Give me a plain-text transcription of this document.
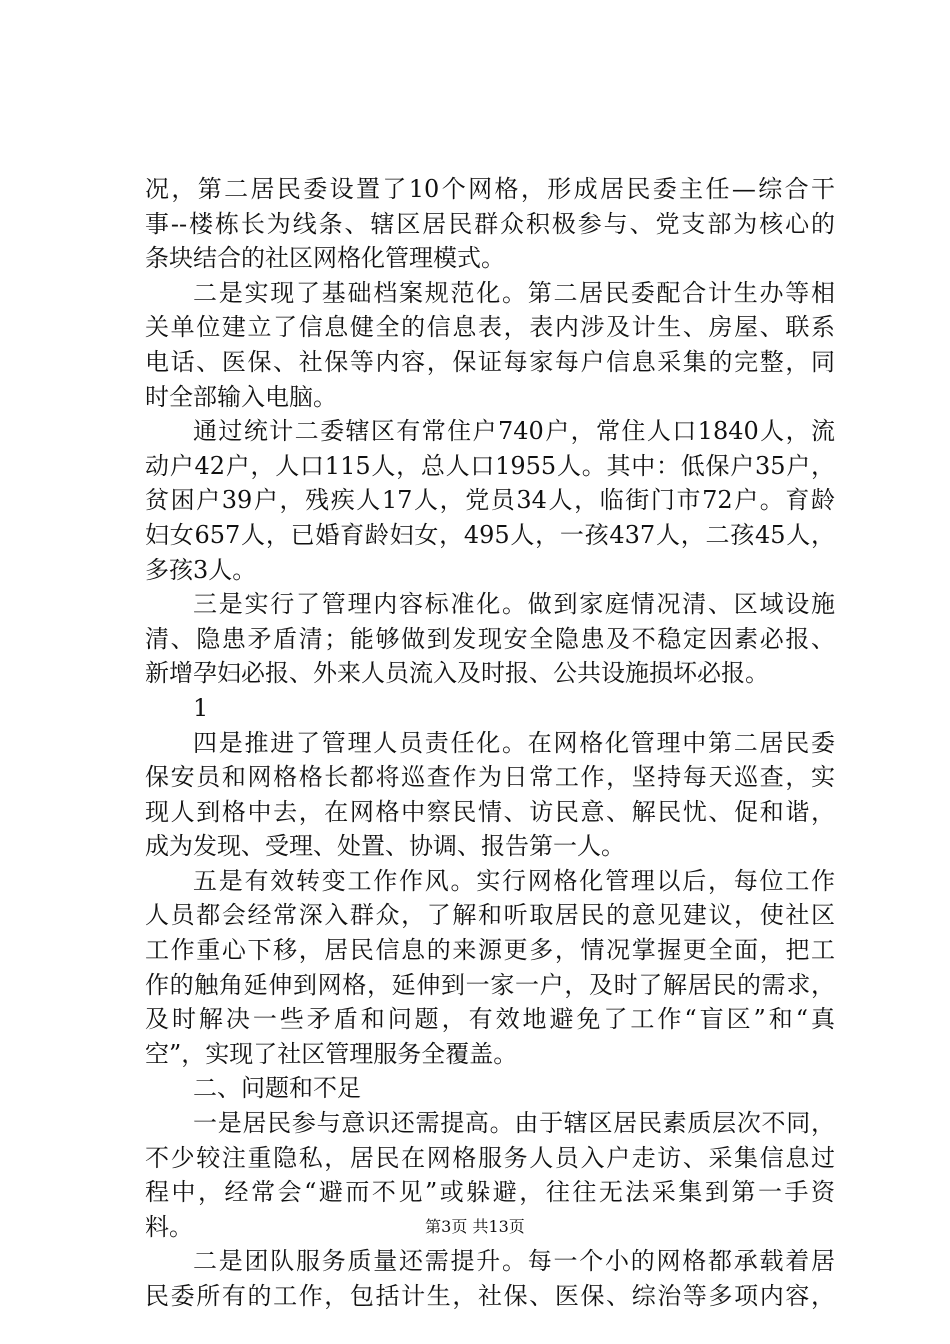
况，第二居民委设置了10个网格，形成居民委主任—综合干
事--楼栋长为线条、辖区居民群众积极参与、党支部为核心的
条块结合的社区网格化管理模式。
二是实现了基础档案规范化。第二居民委配合计生办等相
关单位建立了信息健全的信息表，表内涉及计生、房屋、联系
电话、医保、社保等内容，保证每家每户信息采集的完整，同
时全部输入电脑。
通过统计二委辖区有常住户740户，常住人口1840人，流
动户42户，人口115人，总人口1955人。其中：低保户35户，
贫困户39户，残疾人17人，党员34人，临街门市72户。育龄
妇女657人，已婚育龄妇女，495人，一孩437人，二孩45人，
多孩3人。
三是实行了管理内容标准化。做到家庭情况清、区域设施
清、隐患矛盾清；能够做到发现安全隐患及不稳定因素必报、
新增孕妇必报、外来人员流入及时报、公共设施损坏必报。
1
四是推进了管理人员责任化。在网格化管理中第二居民委
保安员和网格格长都将巡查作为日常工作，坚持每天巡查，实
现人到格中去，在网格中察民情、访民意、解民忧、促和谐，
成为发现、受理、处置、协调、报告第一人。
五是有效转变工作作风。实行网格化管理以后，每位工作
人员都会经常深入群众，了解和听取居民的意见建议，使社区
工作重心下移，居民信息的来源更多，情况掌握更全面，把工
作的触角延伸到网格，延伸到一家一户，及时了解居民的需求，
及时解决一些矛盾和问题，有效地避免了工作“盲区”和“真
空”，实现了社区管理服务全覆盖。
二、问题和不足
一是居民参与意识还需提高。由于辖区居民素质层次不同，
不少较注重隐私，居民在网格服务人员入户走访、采集信息过
程中，经常会“避而不见”或躲避，往往无法采集到第一手资
料。
二是团队服务质量还需提升。每一个小的网格都承载着居
民委所有的工作，包括计生，社保、医保、综治等多项内容，
第3页 共13页
